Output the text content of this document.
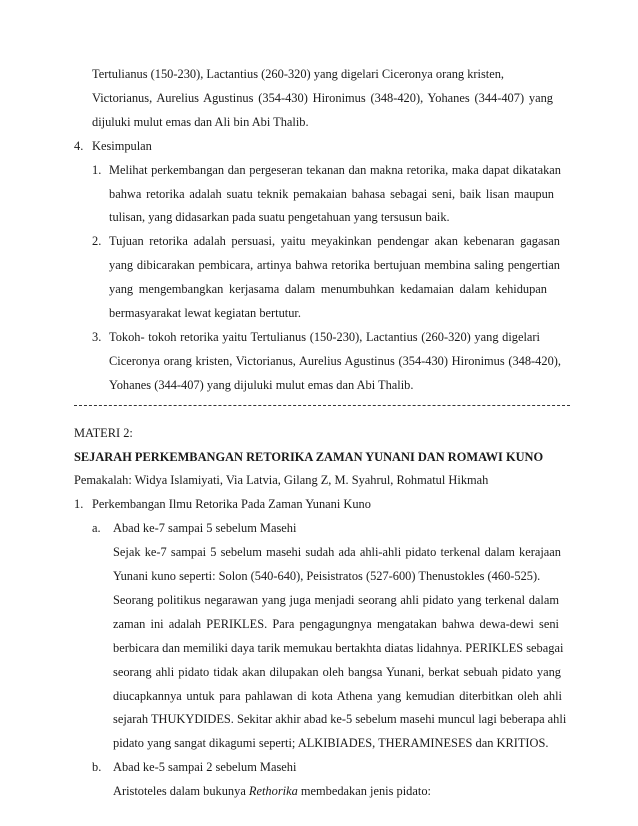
Tertulianus (150-230), Lactantius (260-320) yang digelari Ciceronya orang kristen,
Victorianus, Aurelius Agustinus (354-430) Hironimus (348-420), Yohanes (344-407) yang
dijuluki mulut emas dan Ali bin Abi Thalib.
4. Kesimpulan
1. Melihat perkembangan dan pergeseran tekanan dan makna retorika, maka dapat dikatakan
bahwa retorika adalah suatu teknik pemakaian bahasa sebagai seni, baik lisan maupun
tulisan, yang didasarkan pada suatu pengetahuan yang tersusun baik.
2. Tujuan retorika adalah persuasi, yaitu meyakinkan pendengar akan kebenaran gagasan
yang dibicarakan pembicara, artinya bahwa retorika bertujuan membina saling pengertian
yang mengembangkan kerjasama dalam menumbuhkan kedamaian dalam kehidupan
bermasyarakat lewat kegiatan bertutur.
3. Tokoh- tokoh retorika yaitu Tertulianus (150-230), Lactantius (260-320) yang digelari
Ciceronya orang kristen, Victorianus, Aurelius Agustinus (354-430) Hironimus (348-420),
Yohanes (344-407) yang dijuluki mulut emas dan Abi Thalib.
MATERI 2:
SEJARAH PERKEMBANGAN RETORIKA ZAMAN YUNANI DAN ROMAWI KUNO
Pemakalah: Widya Islamiyati, Via Latvia, Gilang Z, M. Syahrul, Rohmatul Hikmah
1. Perkembangan Ilmu Retorika Pada Zaman Yunani Kuno
a. Abad ke-7 sampai 5 sebelum Masehi
Sejak ke-7 sampai 5 sebelum masehi sudah ada ahli-ahli pidato terkenal dalam kerajaan
Yunani kuno seperti: Solon (540-640), Peisistratos (527-600) Thenustokles (460-525).
Seorang politikus negarawan yang juga menjadi seorang ahli pidato yang terkenal dalam
zaman ini adalah PERIKLES. Para pengagungnya mengatakan bahwa dewa-dewi seni
berbicara dan memiliki daya tarik memukau bertakhta diatas lidahnya. PERIKLES sebagai
seorang ahli pidato tidak akan dilupakan oleh bangsa Yunani, berkat sebuah pidato yang
diucapkannya untuk para pahlawan di kota Athena yang kemudian diterbitkan oleh ahli
sejarah THUKYDIDES. Sekitar akhir abad ke-5 sebelum masehi muncul lagi beberapa ahli
pidato yang sangat dikagumi seperti; ALKIBIADES, THERAMINESES dan KRITIOS.
b. Abad ke-5 sampai 2 sebelum Masehi
Aristoteles dalam bukunya Rethorika membedakan jenis pidato:
